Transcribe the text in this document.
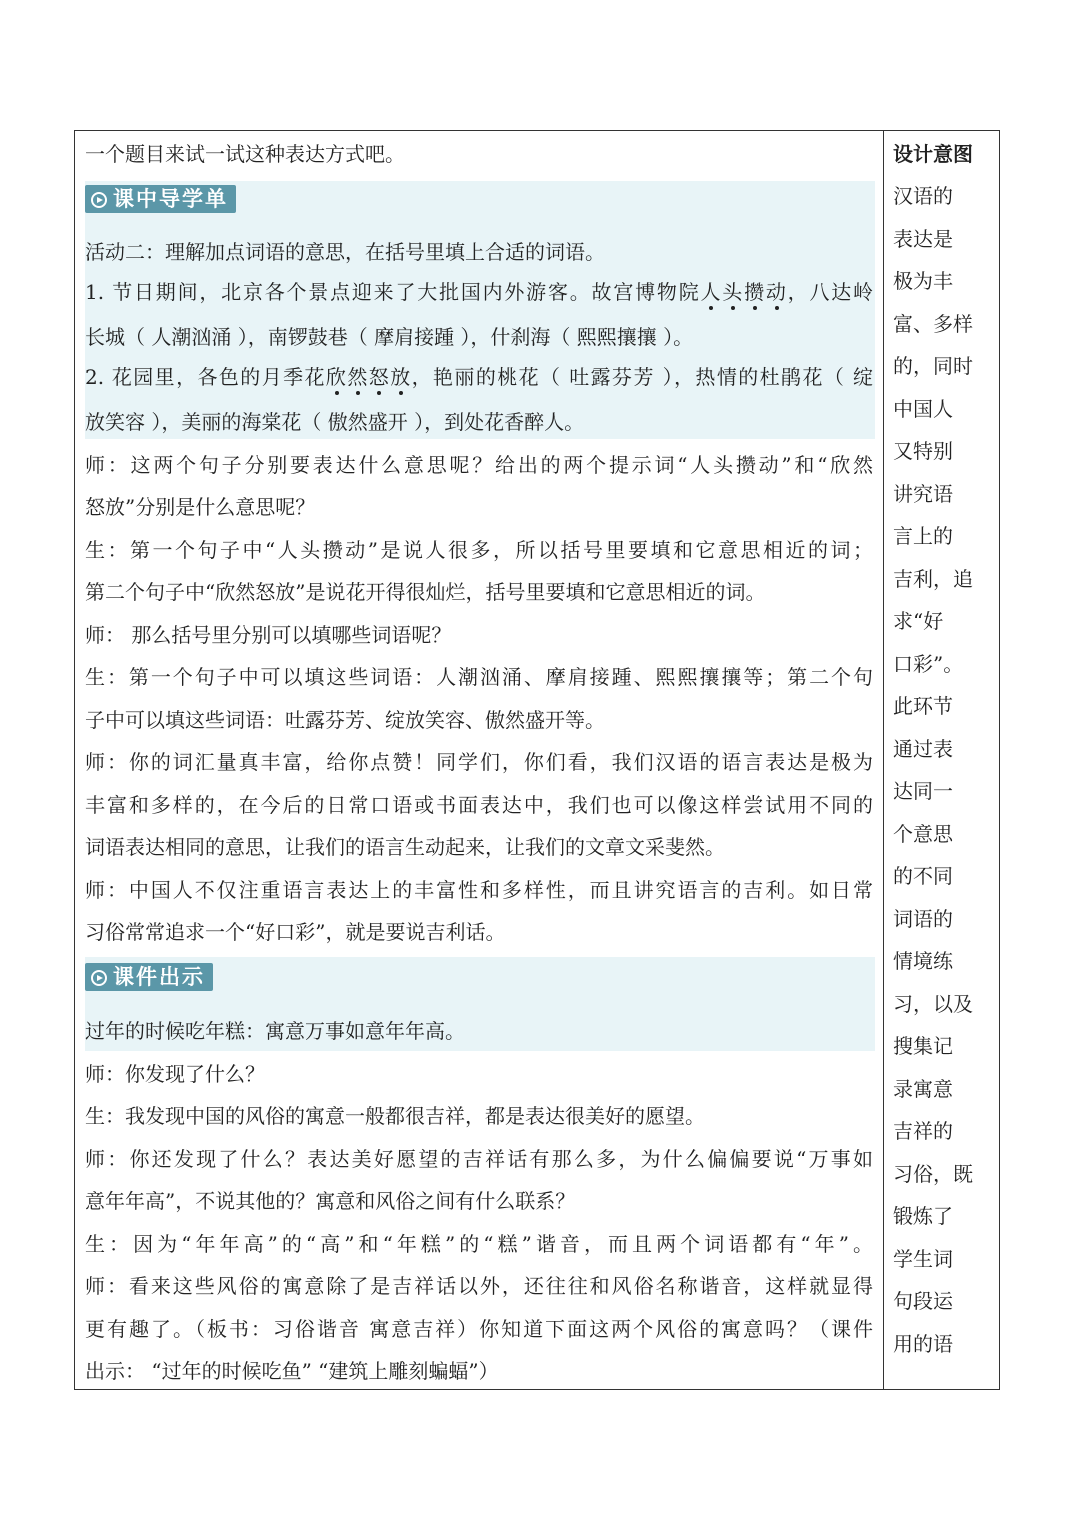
一个题目来试一试这种表达方式吧。
课中导学单
活动二：理解加点词语的意思，在括号里填上合适的词语。
1. 节日期间，北京各个景点迎来了大批国内外游客。故宫博物院人头攒动，八达岭
长城（ 人潮汹涌 ），南锣鼓巷（ 摩肩接踵 ），什刹海（ 熙熙攘攘 ）。
2. 花园里，各色的月季花欣然怒放，艳丽的桃花（ 吐露芬芳 ），热情的杜鹃花（ 绽
放笑容 ），美丽的海棠花（ 傲然盛开 ），到处花香醉人。
师：这两个句子分别要表达什么意思呢？给出的两个提示词“人头攒动”和“欣然
怒放”分别是什么意思呢？
生：第一个句子中“人头攒动”是说人很多，所以括号里要填和它意思相近的词；
第二个句子中“欣然怒放”是说花开得很灿烂，括号里要填和它意思相近的词。
师： 那么括号里分别可以填哪些词语呢？
生：第一个句子中可以填这些词语：人潮汹涌、摩肩接踵、熙熙攘攘等；第二个句
子中可以填这些词语：吐露芬芳、绽放笑容、傲然盛开等。
师：你的词汇量真丰富，给你点赞！同学们，你们看，我们汉语的语言表达是极为
丰富和多样的，在今后的日常口语或书面表达中，我们也可以像这样尝试用不同的
词语表达相同的意思，让我们的语言生动起来，让我们的文章文采斐然。
师：中国人不仅注重语言表达上的丰富性和多样性，而且讲究语言的吉利。如日常
习俗常常追求一个“好口彩”，就是要说吉利话。
课件出示
过年的时候吃年糕：寓意万事如意年年高。
师：你发现了什么？
生：我发现中国的风俗的寓意一般都很吉祥，都是表达很美好的愿望。
师：你还发现了什么？表达美好愿望的吉祥话有那么多，为什么偏偏要说“万事如
意年年高”，不说其他的？寓意和风俗之间有什么联系？
生：因为“年年高”的“高”和“年糕”的“糕”谐音，而且两个词语都有“年”。
师：看来这些风俗的寓意除了是吉祥话以外，还往往和风俗名称谐音，这样就显得
更有趣了。（板书：习俗谐音 寓意吉祥）你知道下面这两个风俗的寓意吗？（课件
出示： “过年的时候吃鱼” “建筑上雕刻蝙蝠”）
设计意图
汉语的
表达是
极为丰
富、多样
的，同时
中国人
又特别
讲究语
言上的
吉利，追
求“好
口彩”。
此环节
通过表
达同一
个意思
的不同
词语的
情境练
习，以及
搜集记
录寓意
吉祥的
习俗，既
锻炼了
学生词
句段运
用的语
